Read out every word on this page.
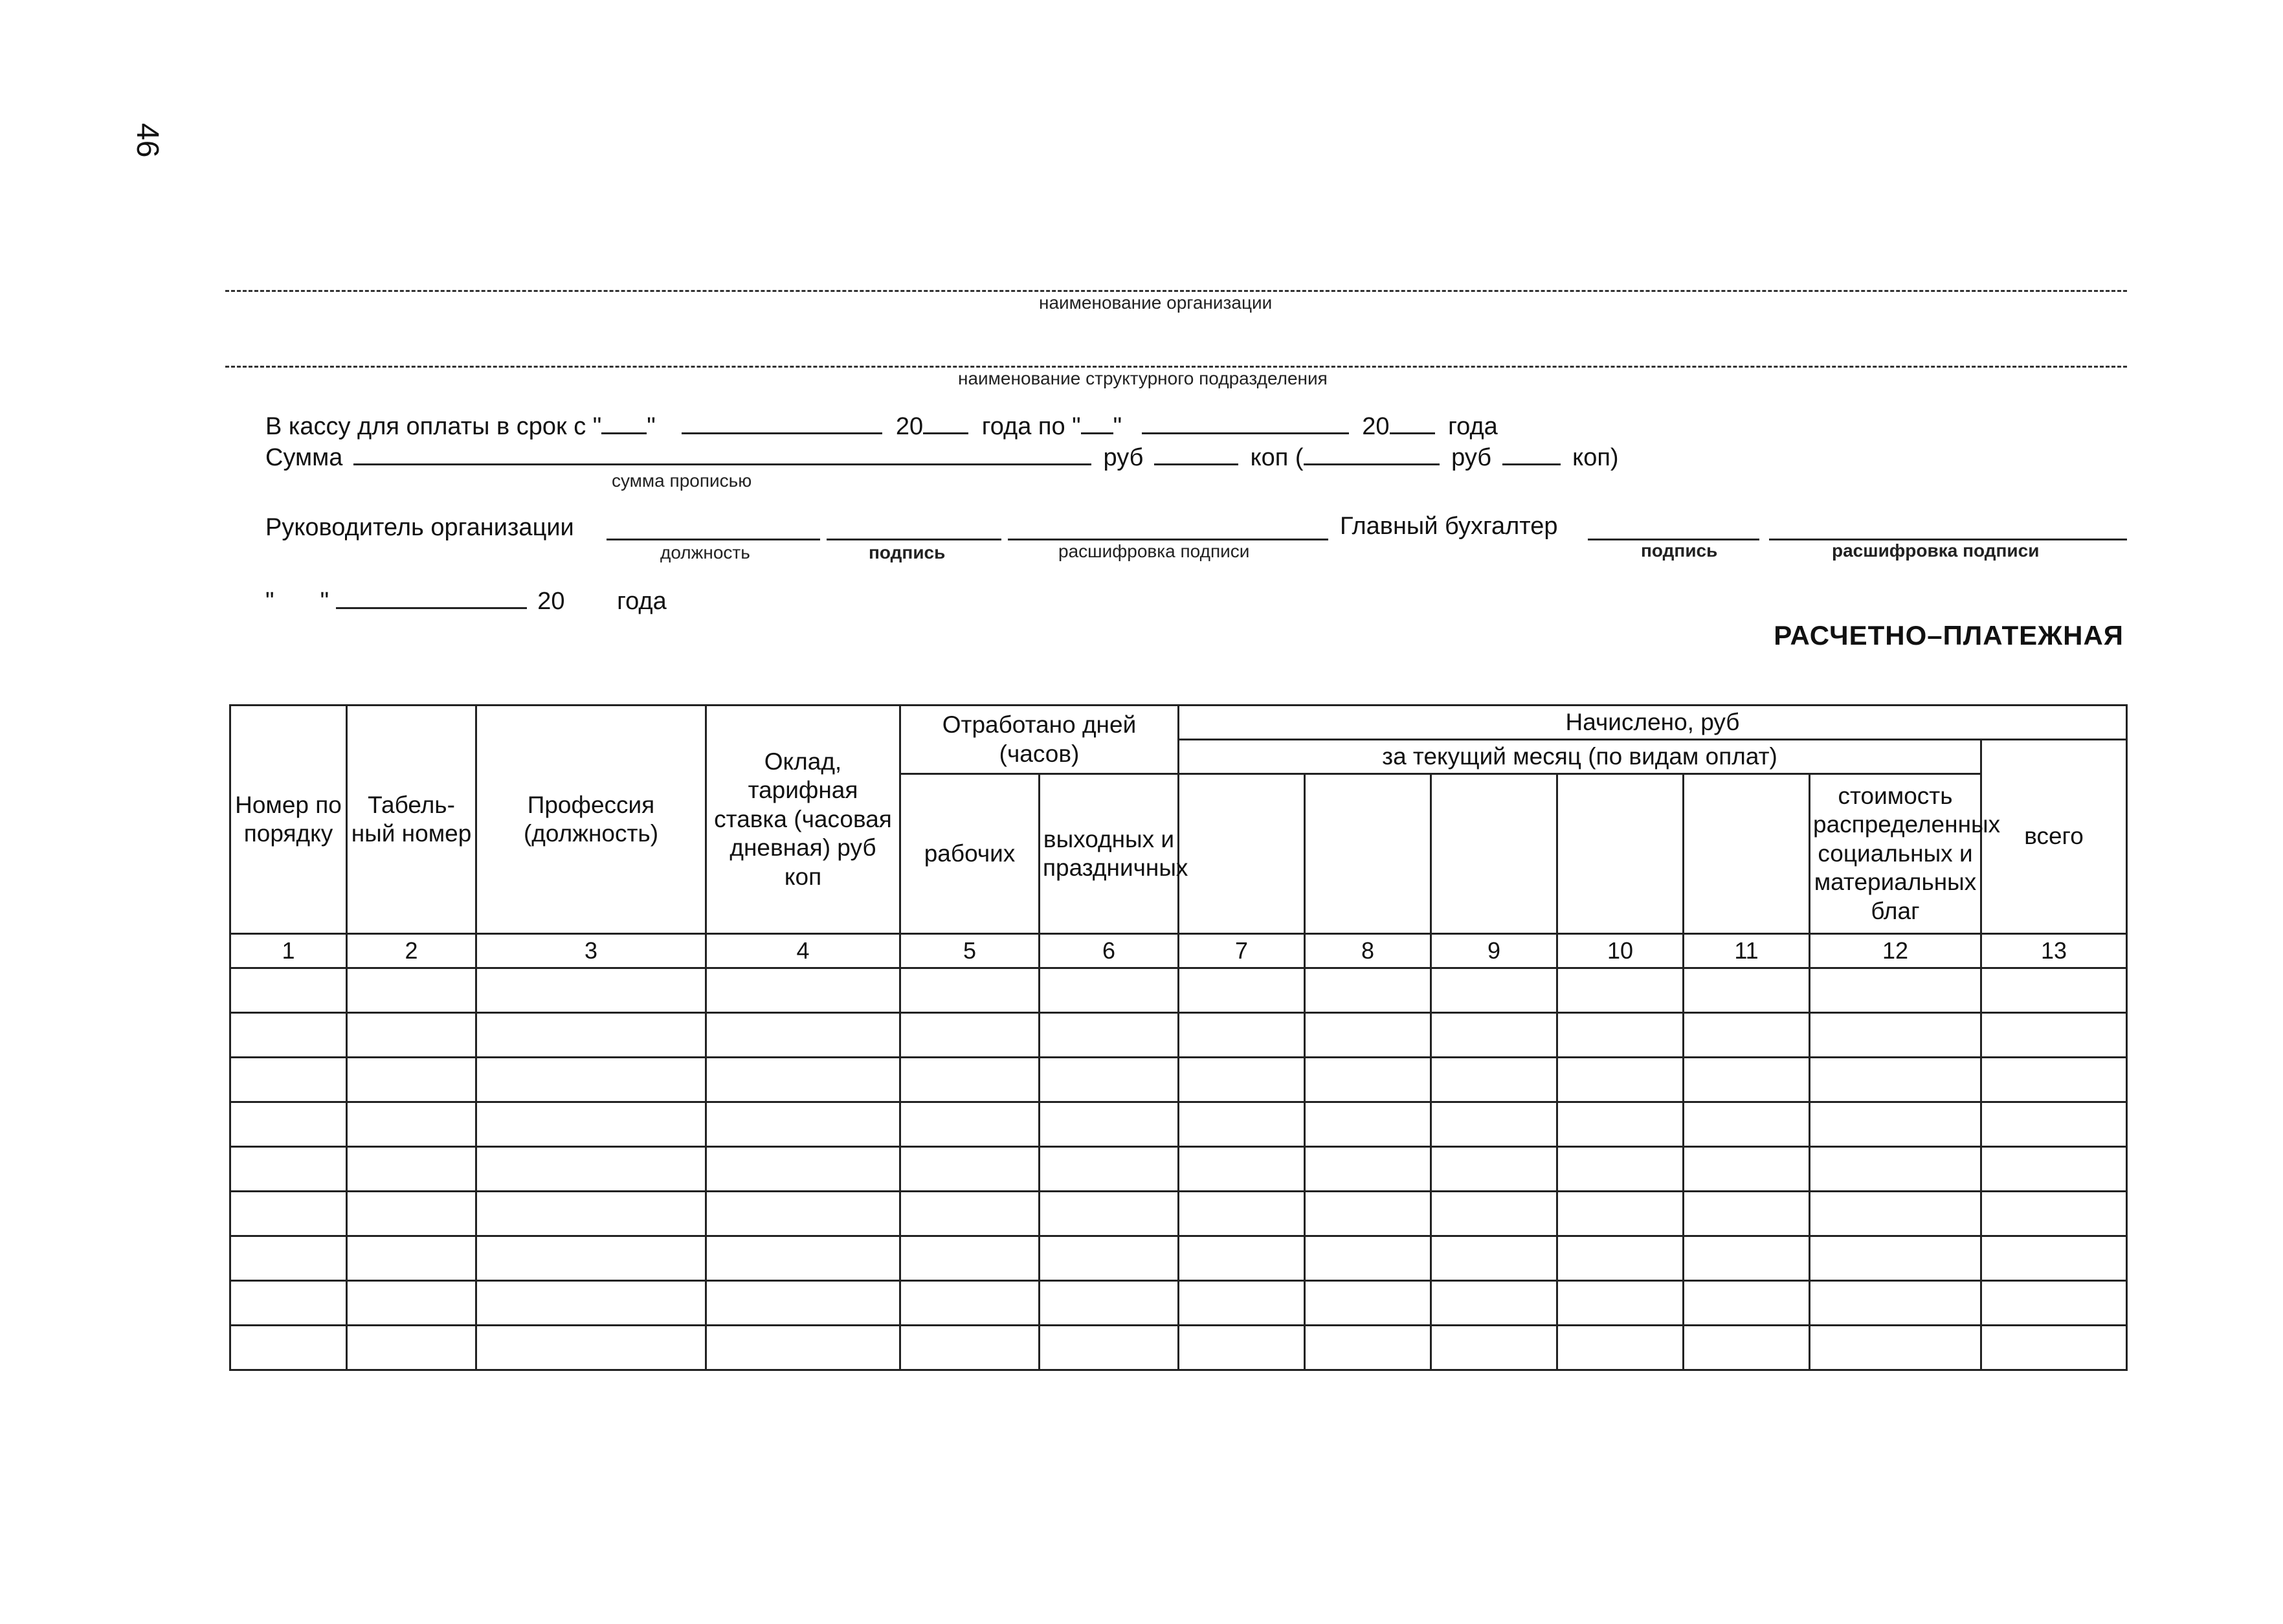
46
наименование организации
наименование структурного подразделения
В кассу для оплаты в срок с " "	20 года по " "	20 года
Сумма	руб	коп (	руб	коп)
сумма прописью
Руководитель организации	Главный бухгалтер
должность	подпись	расшифровка подписи	подпись	расшифровка подписи
" "	20 года
РАСЧЕТНО–ПЛАТЕЖНАЯ
Номер по порядку	Табель-ный номер	Профессия (должность)	Оклад, тарифная ставка (часовая дневная) руб коп	Отработано дней (часов)		Начислено, руб						
						за текущий месяц (по видам оплат)						всего
				рабочих	выходных и праздничных						стоимость распределенных социальных и материальных благ	
1	2	3	4	5	6	7	8	9	10	11	12	13
